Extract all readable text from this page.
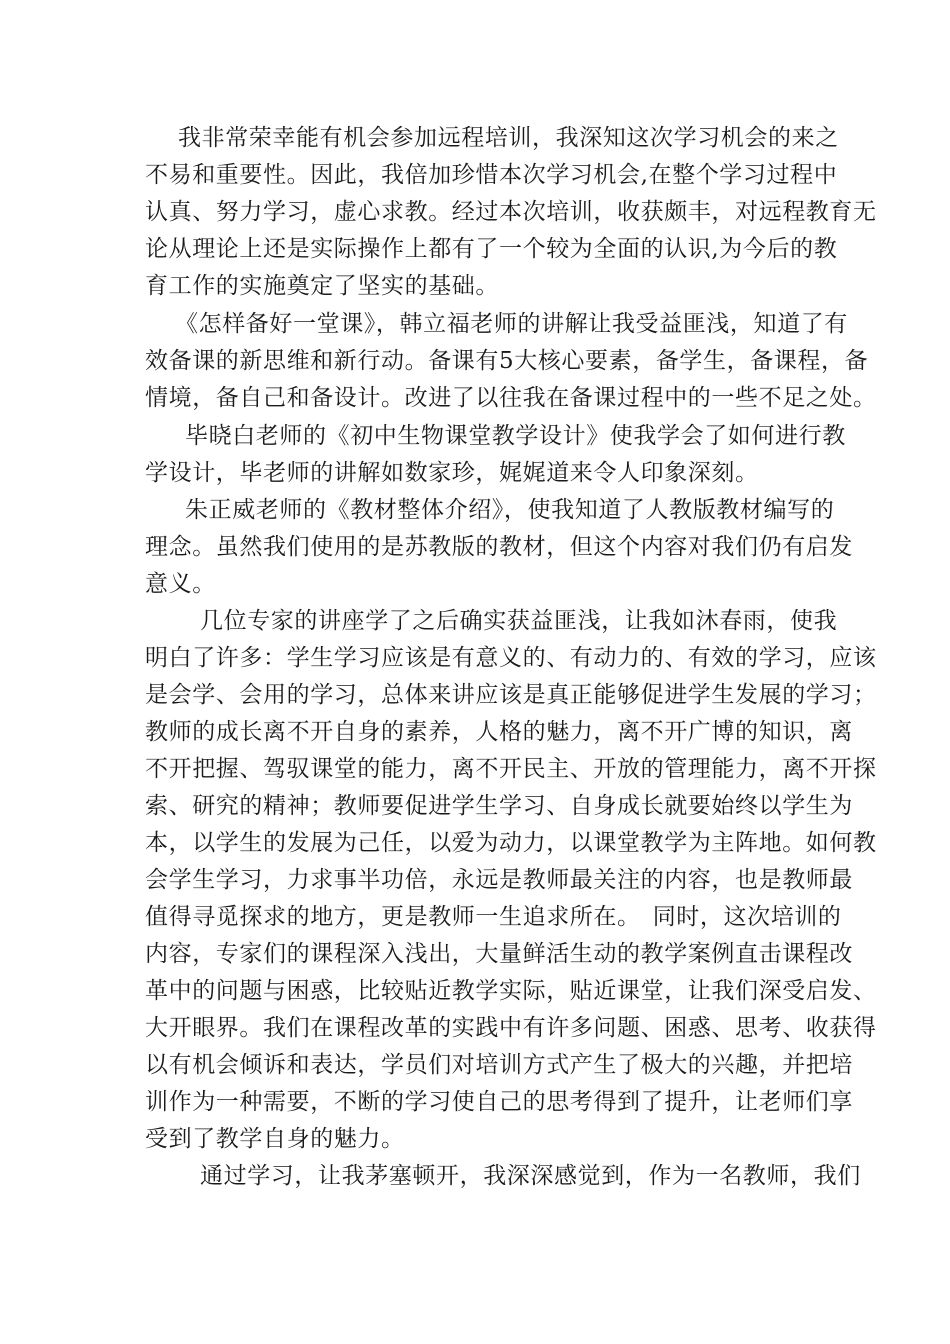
我非常荣幸能有机会参加远程培训，我深知这次学习机会的来之

不易和重要性。因此，我倍加珍惜本次学习机会,在整个学习过程中

认真、努力学习，虚心求教。经过本次培训，收获颇丰，对远程教育无

论从理论上还是实际操作上都有了一个较为全面的认识,为今后的教

育工作的实施奠定了坚实的基础。

《怎样备好一堂课》，韩立福老师的讲解让我受益匪浅，知道了有

效备课的新思维和新行动。备课有5大核心要素，备学生，备课程，备

情境，备自己和备设计。改进了以往我在备课过程中的一些不足之处。

毕晓白老师的《初中生物课堂教学设计》使我学会了如何进行教

学设计，毕老师的讲解如数家珍，娓娓道来令人印象深刻。

朱正威老师的《教材整体介绍》，使我知道了人教版教材编写的

理念。虽然我们使用的是苏教版的教材，但这个内容对我们仍有启发

意义。

几位专家的讲座学了之后确实获益匪浅，让我如沐春雨，使我

明白了许多：学生学习应该是有意义的、有动力的、有效的学习，应该

是会学、会用的学习，总体来讲应该是真正能够促进学生发展的学习；

教师的成长离不开自身的素养，人格的魅力，离不开广博的知识，离

不开把握、驾驭课堂的能力，离不开民主、开放的管理能力，离不开探

索、研究的精神；教师要促进学生学习、自身成长就要始终以学生为

本，以学生的发展为己任，以爱为动力，以课堂教学为主阵地。如何教

会学生学习，力求事半功倍，永远是教师最关注的内容，也是教师最

值得寻觅探求的地方，更是教师一生追求所在。　同时，这次培训的

内容，专家们的课程深入浅出，大量鲜活生动的教学案例直击课程改

革中的问题与困惑，比较贴近教学实际，贴近课堂，让我们深受启发、

大开眼界。我们在课程改革的实践中有许多问题、困惑、思考、收获得

以有机会倾诉和表达，学员们对培训方式产生了极大的兴趣，并把培

训作为一种需要，不断的学习使自己的思考得到了提升，让老师们享

受到了教学自身的魅力。

通过学习，让我茅塞顿开，我深深感觉到，作为一名教师，我们
